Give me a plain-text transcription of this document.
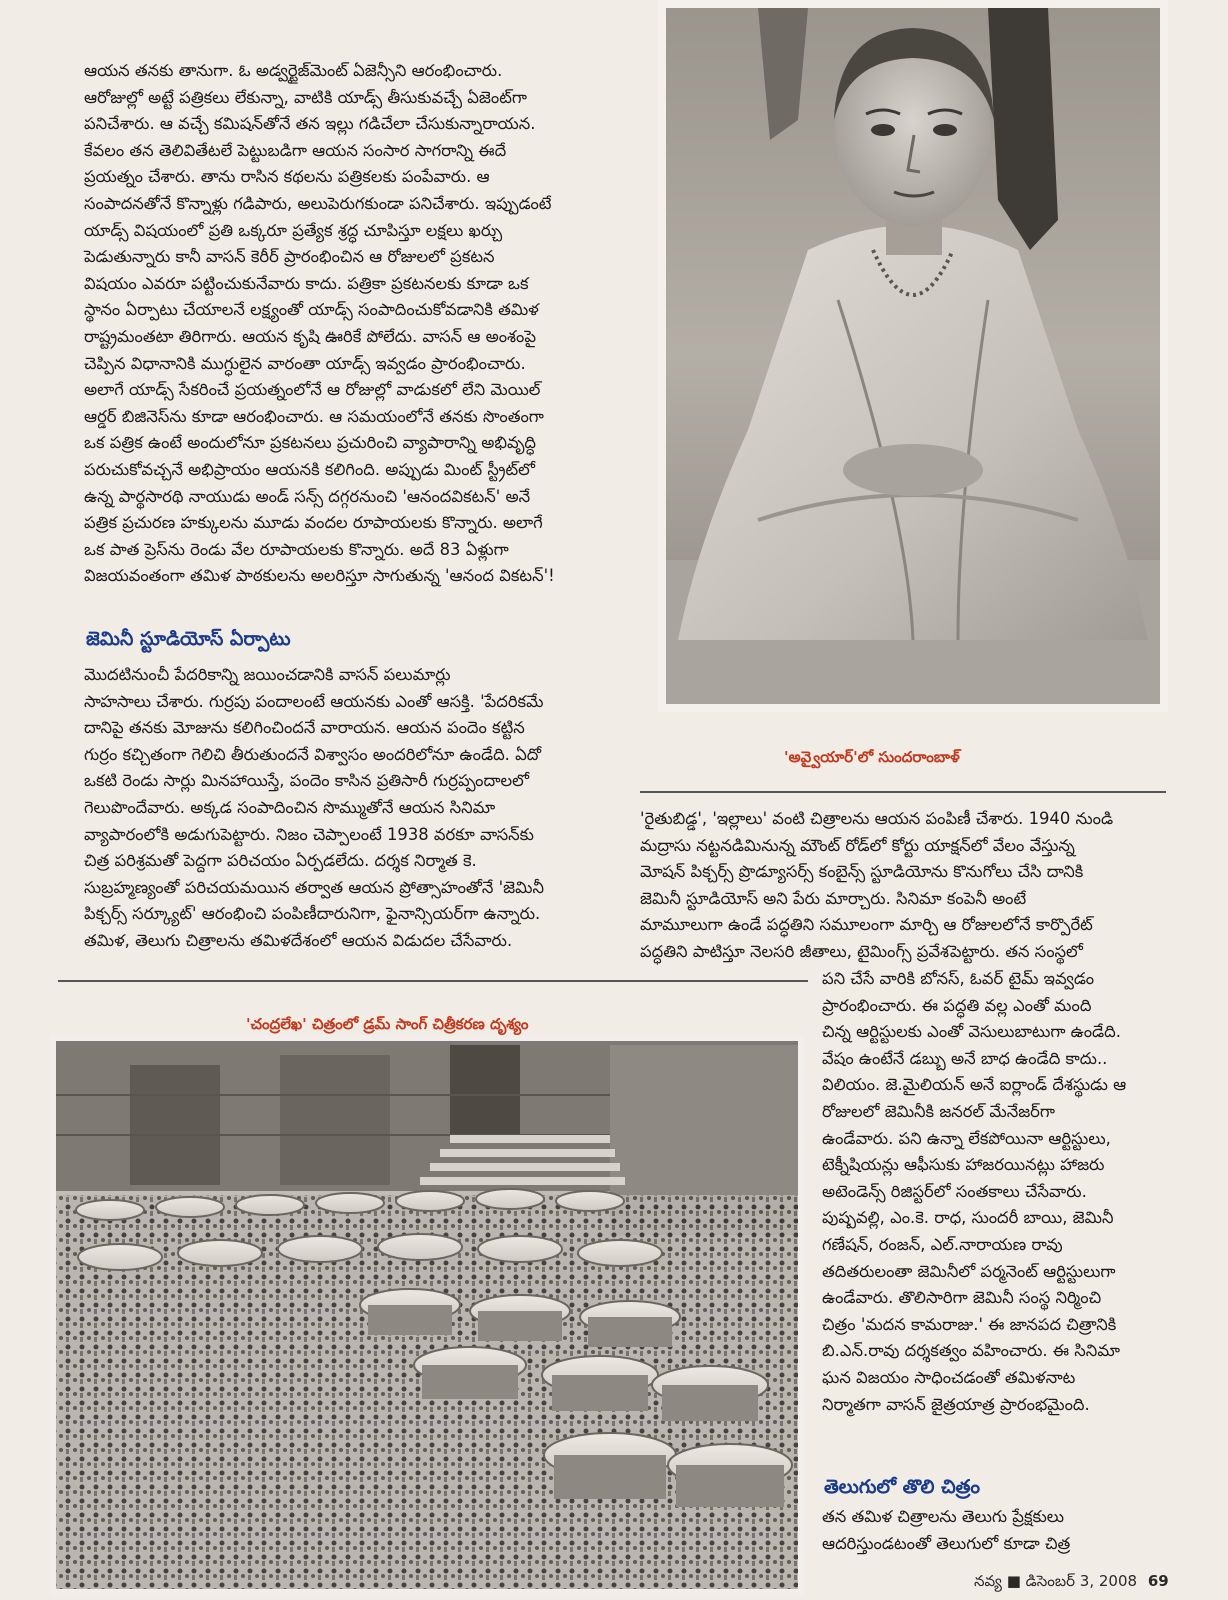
ఆయన తనకు తానుగా. ఓ అడ్వర్టైజ్‌మెంట్ ఏజెన్సీని ఆరంభించారు.
ఆరోజుల్లో అట్టే పత్రికలు లేకున్నా, వాటికి యాడ్స్ తీసుకువచ్చే ఏజెంట్‌గా
పనిచేశారు. ఆ వచ్చే కమిషన్‌తోనే తన ఇల్లు గడిచేలా చేసుకున్నారాయన.
కేవలం తన తెలివితేటలే పెట్టుబడిగా ఆయన సంసార సాగరాన్ని ఈదే
ప్రయత్నం చేశారు. తాను రాసిన కథలను పత్రికలకు పంపేవారు. ఆ
సంపాదనతోనే కొన్నాళ్లు గడిపారు, అలుపెరుగకుండా పనిచేశారు. ఇప్పుడంటే
యాడ్స్ విషయంలో ప్రతి ఒక్కరూ ప్రత్యేక శ్రద్ధ చూపిస్తూ లక్షలు ఖర్చు
పెడుతున్నారు కానీ వాసన్ కెరీర్ ప్రారంభించిన ఆ రోజులలో ప్రకటన
విషయం ఎవరూ పట్టించుకునేవారు కాదు. పత్రికా ప్రకటనలకు కూడా ఒక
స్థానం ఏర్పాటు చేయాలనే లక్ష్యంతో యాడ్స్ సంపాదించుకోవడానికి తమిళ
రాష్ట్రమంతటా తిరిగారు. ఆయన కృషి ఊరికే పోలేదు. వాసన్ ఆ అంశంపై
చెప్పిన విధానానికి ముగ్ధులైన వారంతా యాడ్స్ ఇవ్వడం ప్రారంభించారు.
అలాగే యాడ్స్ సేకరించే ప్రయత్నంలోనే ఆ రోజుల్లో వాడుకలో లేని మెయిల్
ఆర్డర్ బిజినెస్‌ను కూడా ఆరంభించారు. ఆ సమయంలోనే తనకు సొంతంగా
ఒక పత్రిక ఉంటే అందులోనూ ప్రకటనలు ప్రచురించి వ్యాపారాన్ని అభివృద్ధి
పరుచుకోవచ్చనే అభిప్రాయం ఆయనకి కలిగింది. అప్పుడు మింట్ స్ట్రీట్‌లో
ఉన్న పార్థసారథి నాయుడు అండ్ సన్స్ దగ్గరనుంచి 'ఆనందవికటన్' అనే
పత్రిక ప్రచురణ హక్కులను మూడు వందల రూపాయలకు కొన్నారు. అలాగే
ఒక పాత ప్రెస్‌ను రెండు వేల రూపాయలకు కొన్నారు. అదే 83 ఏళ్లుగా
విజయవంతంగా తమిళ పాఠకులను అలరిస్తూ సాగుతున్న 'ఆనంద వికటన్'!
జెమినీ స్టూడియోస్ ఏర్పాటు
మొదటినుంచీ పేదరికాన్ని జయించడానికి వాసన్ పలుమార్లు
సాహసాలు చేశారు. గుర్రపు పందాలంటే ఆయనకు ఎంతో ఆసక్తి. 'పేదరికమే
దానిపై తనకు మోజును కలిగించిందనే వారాయన. ఆయన పందెం కట్టిన
గుర్రం కచ్చితంగా గెలిచి తీరుతుందనే విశ్వాసం అందరిలోనూ ఉండేది. ఏదో
ఒకటి రెండు సార్లు మినహాయిస్తే, పందెం కాసిన ప్రతిసారీ గుర్రప్పందాలలో
గెలుపొందేవారు. అక్కడ సంపాదించిన సొమ్ముతోనే ఆయన సినిమా
వ్యాపారంలోకి అడుగుపెట్టారు. నిజం చెప్పాలంటే 1938 వరకూ వాసన్‌కు
చిత్ర పరిశ్రమతో పెద్దగా పరిచయం ఏర్పడలేదు. దర్శక నిర్మాత కె.
సుబ్రహ్మణ్యంతో పరిచయమయిన తర్వాత ఆయన ప్రోత్సాహంతోనే 'జెమినీ
పిక్చర్స్ సర్క్యూట్' ఆరంభించి పంపిణీదారునిగా, ఫైనాన్సియర్‌గా ఉన్నారు.
తమిళ, తెలుగు చిత్రాలను తమిళదేశంలో ఆయన విడుదల చేసేవారు.
'అవ్వైయార్'లో సుందరాంబాళ్
'రైతుబిడ్డ', 'ఇల్లాలు' వంటి చిత్రాలను ఆయన పంపిణీ చేశారు. 1940 నుండి
మద్రాసు నట్టనడిమినున్న మౌంట్ రోడ్‌లో కోర్టు యాక్షన్‌లో వేలం వేస్తున్న
మోషన్ పిక్చర్స్ ప్రొడ్యూసర్స్ కంబైన్స్ స్టూడియోను కొనుగోలు చేసి దానికి
జెమినీ స్టూడియోస్ అని పేరు మార్చారు. సినిమా కంపెనీ అంటే
మామూలుగా ఉండే పద్ధతిని సమూలంగా మార్చి ఆ రోజులలోనే కార్పొరేట్
పద్ధతిని పాటిస్తూ నెలసరి జీతాలు, టైమింగ్స్ ప్రవేశపెట్టారు. తన సంస్థలో
'చంద్రలేఖ' చిత్రంలో డ్రమ్ సాంగ్ చిత్రీకరణ దృశ్యం
పని చేసే వారికి బోనస్, ఓవర్ టైమ్ ఇవ్వడం
ప్రారంభించారు. ఈ పద్ధతి వల్ల ఎంతో మంది
చిన్న ఆర్టిస్టులకు ఎంతో వెసులుబాటుగా ఉండేది.
వేషం ఉంటేనే డబ్బు అనే బాధ ఉండేది కాదు..
విలియం. జె.మైలియన్ అనే ఐర్లాండ్ దేశస్థుడు ఆ
రోజులలో జెమినీకి జనరల్ మేనేజర్‌గా
ఉండేవారు. పని ఉన్నా లేకపోయినా ఆర్టిస్టులు,
టెక్నీషియన్లు ఆఫీసుకు హాజరయినట్లు హాజరు
అటెండెన్స్ రిజిస్టర్‌లో సంతకాలు చేసేవారు.
పుష్పవల్లి, ఎం.కె. రాధ, సుందరీ బాయి, జెమినీ
గణేషన్, రంజన్, ఎల్.నారాయణ రావు
తదితరులంతా జెమినీలో పర్మనెంట్ ఆర్టిస్టులుగా
ఉండేవారు. తొలిసారిగా జెమినీ సంస్థ నిర్మించి
చిత్రం 'మదన కామరాజు.' ఈ జానపద చిత్రానికి
బి.ఎన్.రావు దర్శకత్వం వహించారు. ఈ సినిమా
ఘన విజయం సాధించడంతో తమిళనాట
నిర్మాతగా వాసన్ జైత్రయాత్ర ప్రారంభమైంది.
తెలుగులో తొలి చిత్రం
తన తమిళ చిత్రాలను తెలుగు ప్రేక్షకులు
ఆదరిస్తుండటంతో తెలుగులో కూడా చిత్ర
నవ్య ■ డిసెంబర్ 3, 2008 69
